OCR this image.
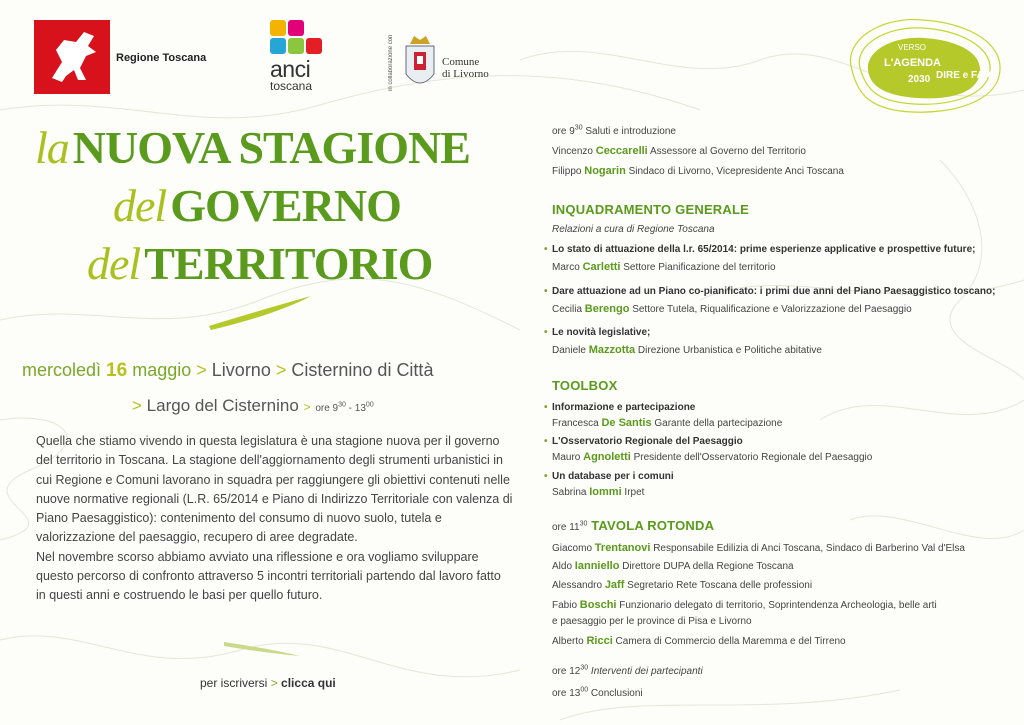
Regione Toscana	anci
toscana	in collaborazione con	Comune
di Livorno
VERSO
L'AGENDA
2030 DIRE e FARE
la NUOVA STAGIONE
del GOVERNO
del TERRITORIO
mercoledì 16 maggio > Livorno > Cisternino di Città
> Largo del Cisternino > ore $9^{30} - 13^{00}$

Quella che stiamo vivendo in questa legislatura è una stagione nuova per il governo del territorio in Toscana. La stagione dell'aggiornamento degli strumenti urbanistici in cui Regione e Comuni lavorano in squadra per raggiungere gli obiettivi contenuti nelle nuove normative regionali (L.R. 65/2014 e Piano di Indirizzo Territoriale con valenza di Piano Paesaggistico): contenimento del consumo di nuovo suolo, tutela e valorizzazione del paesaggio, recupero di aree degradate.

Nel novembre scorso abbiamo avviato una riflessione e ora vogliamo sviluppare questo percorso di confronto attraverso 5 incontri territoriali partendo dal lavoro fatto in questi anni e costruendo le basi per quello futuro.

per iscriversi > clicca qui
ore $9^{30}$ Saluti e introduzione
Vincenzo Ceccarelli Assessore al Governo del Territorio
Filippo Nogarin Sindaco di Livorno, Vicepresidente Anci Toscana
INQUADRAMENTO GENERALE
Relazioni a cura di Regione Toscana
• Lo stato di attuazione della l.r. 65/2014: prime esperienze applicative e prospettive future;
Marco Carletti Settore Pianificazione del territorio
• Dare attuazione ad un Piano co-pianificato: i primi due anni del Piano Paesaggistico toscano;
Cecilia Berengo Settore Tutela, Riqualificazione e Valorizzazione del Paesaggio
• Le novità legislative;
Daniele Mazzotta Direzione Urbanistica e Politiche abitative
TOOLBOX
• Informazione e partecipazione
Francesca De Santis Garante della partecipazione
• L'Osservatorio Regionale del Paesaggio
Mauro Agnoletti Presidente dell'Osservatorio Regionale del Paesaggio
• Un database per i comuni
Sabrina Iommi Irpet
ore $11^{30}$ TAVOLA ROTONDA
Giacomo Trentanovi Responsabile Edilizia di Anci Toscana, Sindaco di Barberino Val d'Elsa
Aldo Ianniello Direttore DUPA della Regione Toscana
Alessandro Jaff Segretario Rete Toscana delle professioni
Fabio Boschi Funzionario delegato di territorio, Soprintendenza Archeologia, belle arti
e paesaggio per le province di Pisa e Livorno
Alberto Ricci Camera di Commercio della Maremma e del Tirreno
ore $12^{30}$ Interventi dei partecipanti
ore $13^{00}$ Conclusioni
